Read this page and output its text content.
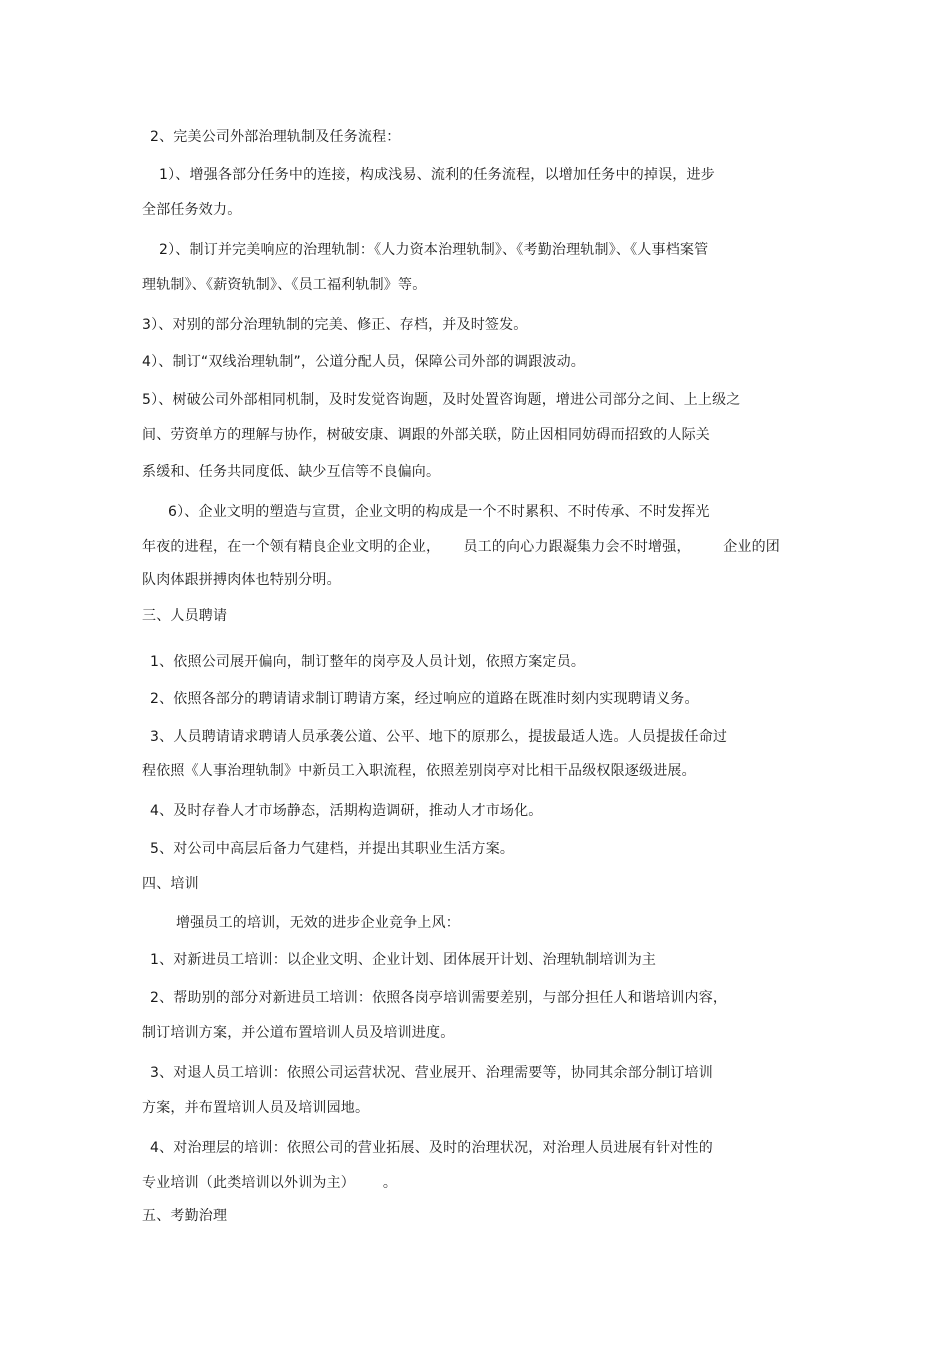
2、完美公司外部治理轨制及任务流程：
1）、增强各部分任务中的连接，构成浅易、流利的任务流程，以增加任务中的掉误，进步
全部任务效力。
2）、制订并完美响应的治理轨制：《人力资本治理轨制》、《考勤治理轨制》、《人事档案管
理轨制》、《薪资轨制》、《员工福利轨制》等。
3）、对别的部分治理轨制的完美、修正、存档，并及时签发。
4）、制订“双线治理轨制”，公道分配人员，保障公司外部的调跟波动。
5）、树破公司外部相同机制，及时发觉咨询题，及时处置咨询题，增进公司部分之间、上上级之
间、劳资单方的理解与协作，树破安康、调跟的外部关联，防止因相同妨碍而招致的人际关
系缓和、任务共同度低、缺少互信等不良偏向。
6）、企业文明的塑造与宣贯，企业文明的构成是一个不时累积、不时传承、不时发挥光
年夜的进程，在一个领有精良企业文明的企业，     员工的向心力跟凝集力会不时增强，       企业的团
队肉体跟拼搏肉体也特别分明。
三、人员聘请
1、依照公司展开偏向，制订整年的岗亭及人员计划，依照方案定员。
2、依照各部分的聘请请求制订聘请方案，经过响应的道路在既准时刻内实现聘请义务。
3、人员聘请请求聘请人员承袭公道、公平、地下的原那么，提拔最适人选。人员提拔任命过
程依照《人事治理轨制》中新员工入职流程，依照差别岗亭对比相干品级权限逐级进展。
4、及时存眷人才市场静态，活期构造调研，推动人才市场化。
5、对公司中高层后备力气建档，并提出其职业生活方案。
四、培训
增强员工的培训，无效的进步企业竞争上风：
1、对新进员工培训：以企业文明、企业计划、团体展开计划、治理轨制培训为主
2、帮助别的部分对新进员工培训：依照各岗亭培训需要差别，与部分担任人和谐培训内容，
制订培训方案，并公道布置培训人员及培训进度。
3、对退人员工培训：依照公司运营状况、营业展开、治理需要等，协同其余部分制订培训
方案，并布置培训人员及培训园地。
4、对治理层的培训：依照公司的营业拓展、及时的治理状况，对治理人员进展有针对性的
专业培训（此类培训以外训为主）      。
五、考勤治理
